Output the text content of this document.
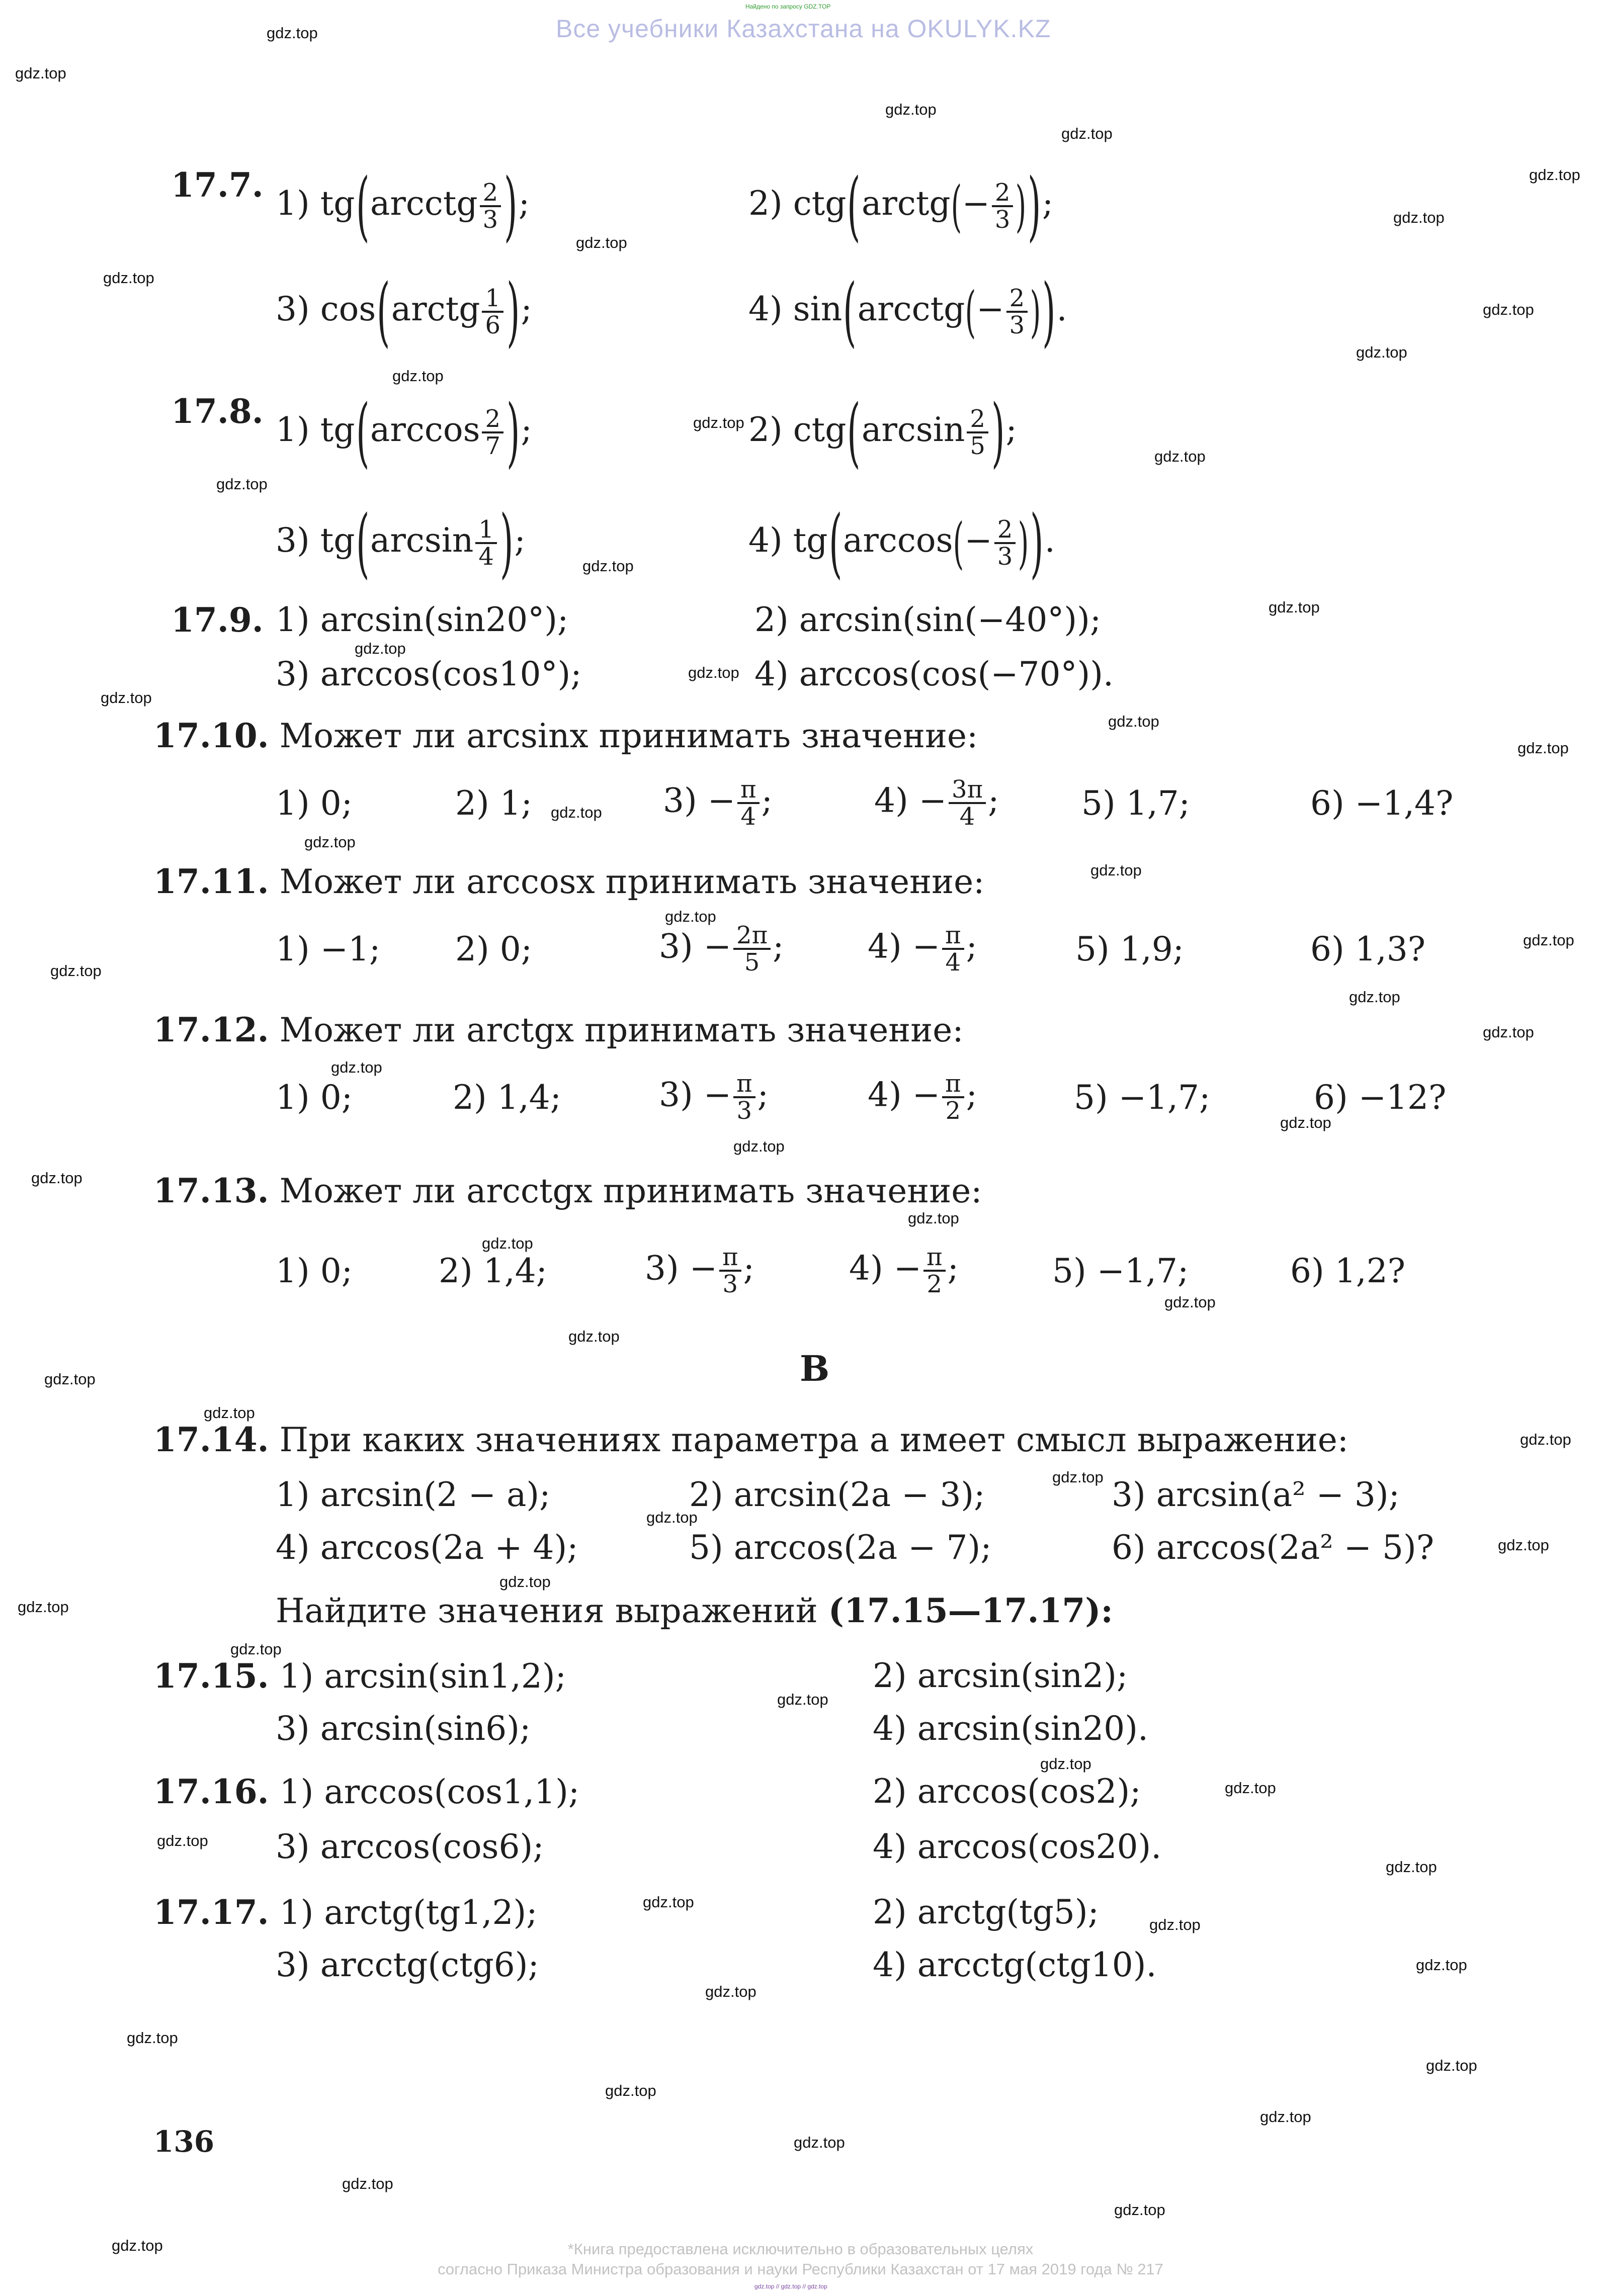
Найдено по запросу GDZ.TOP
Все учебники Казахстана на OKULYK.KZ
17.7. 1) tg(arcctg $\frac{2}{3}$ );	2) ctg(arctg(− $\frac{2}{3}$ ));
3) cos(arctg $\frac{1}{6}$ );	4) sin(arcctg(− $\frac{2}{3}$ )).
17.8. 1) $tg(\arccos \frac{2}{7}$ );	2) $ctg(\arcsin \frac{2}{5}$ );
3) $tg(\arcsin \frac{1}{4}$ );	4) $tg(\arccos(- \frac{2}{3}$ )).
17.9. 1) arcsin(sin20°);	2) arcsin(sin(−40°));
3) arccos(cos10°);	4) arccos(cos(−70°)).
17.10. Может ли arcsinx принимать значение:
1) 0;	2) 1;	$3) - \frac{\pi}{4}$ ;	$4) - \frac{3\pi}{4}$ ; 5) 1,7;	6) −1,4?
17.11. Может ли arccosx принимать значение:
1) −1; 2) 0;	$3) - \frac{2\pi}{5}$ ;	$4) - \frac{\pi}{4}$ ;	5) 1,9;	6) 1,3?
17.12. Может ли arctgx принимать значение:
1) 0;	2) 1,4;	$3) - \frac{\pi}{3}$ ;	$4) - \frac{\pi}{2}$ ;	5) −1,7;	6) −12?
17.13. Может ли arcctgx принимать значение:
1) 0;	2) 1,4;	$3) - \frac{\pi}{3}$ ;	$4) - \frac{\pi}{2}$ ;	5) −1,7;	6) 1,2?
В
17.14. При каких значениях параметра a имеет смысл выражение:
1) arcsin(2 − a);	2) arcsin(2a − 3);	3) arcsin(a² − 3);
4) arccos(2a + 4);	5) arccos(2a − 7);	6) arccos(2a² − 5)?
Найдите значения выражений (17.15—17.17):
17.15. 1) arcsin(sin1,2);	2) arcsin(sin2);
3) arcsin(sin6);	4) arcsin(sin20).
17.16. 1) arccos(cos1,1);	2) arccos(cos2);
3) arccos(cos6);	4) arccos(cos20).
17.17. 1) arctg(tg1,2);	2) arctg(tg5);
3) arcctg(ctg6);	4) arcctg(ctg10).
136
*Книга предоставлена исключительно в образовательных целях
согласно Приказа Министра образования и науки Республики Казахстан от 17 мая 2019 года № 217
gdz.top // gdz.top // gdz.top
gdz.top
gdz.top
gdz.top
gdz.top
gdz.top
gdz.top
gdz.top
gdz.top
gdz.top
gdz.top
gdz.top
gdz.top
gdz.top
gdz.top
gdz.top
gdz.top
gdz.top
gdz.top
gdz.top
gdz.top
gdz.top
gdz.top
gdz.top
gdz.top
gdz.top
gdz.top
gdz.top
gdz.top
gdz.top
gdz.top
gdz.top
gdz.top
gdz.top
gdz.top
gdz.top
gdz.top
gdz.top
gdz.top
gdz.top
gdz.top
gdz.top
gdz.top
gdz.top
gdz.top
gdz.top
gdz.top
gdz.top
gdz.top
gdz.top
gdz.top
gdz.top
gdz.top
gdz.top
gdz.top
gdz.top
gdz.top
gdz.top
gdz.top
gdz.top
gdz.top
gdz.top
gdz.top
gdz.top
